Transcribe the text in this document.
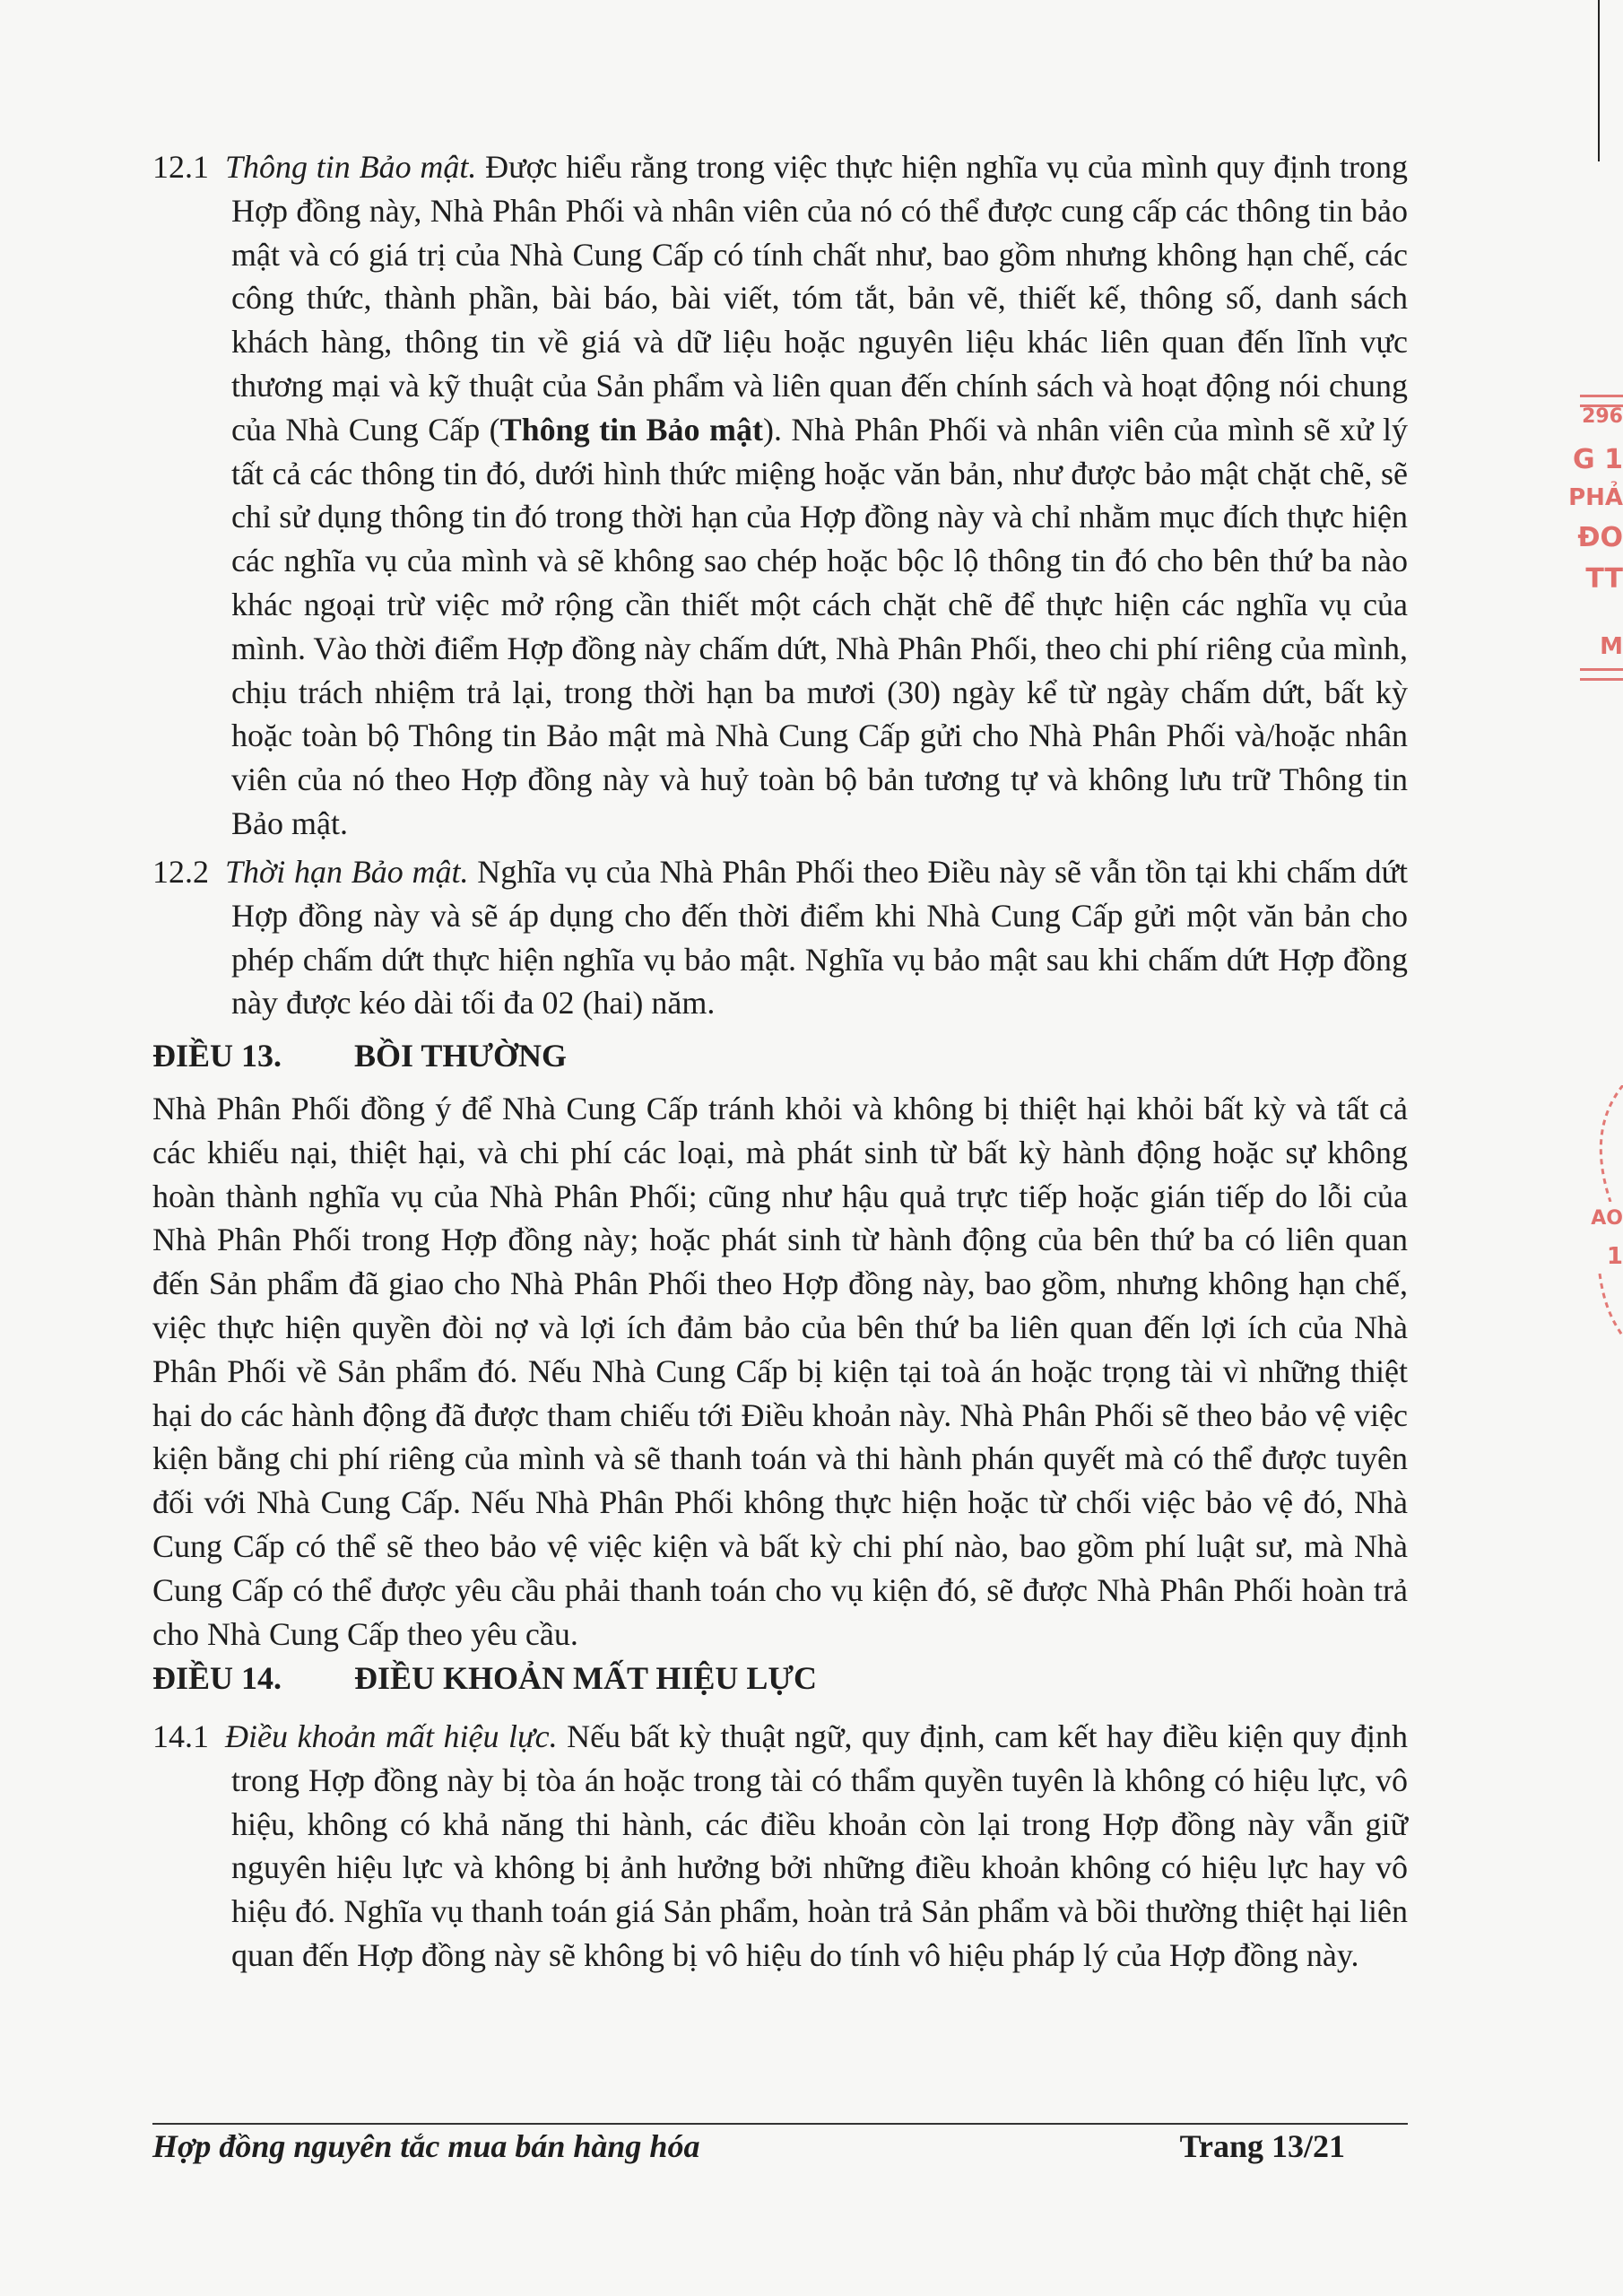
12.1 Thông tin Bảo mật. Được hiểu rằng trong việc thực hiện nghĩa vụ của mình quy định trong Hợp đồng này, Nhà Phân Phối và nhân viên của nó có thể được cung cấp các thông tin bảo mật và có giá trị của Nhà Cung Cấp có tính chất như, bao gồm nhưng không hạn chế, các công thức, thành phần, bài báo, bài viết, tóm tắt, bản vẽ, thiết kế, thông số, danh sách khách hàng, thông tin về giá và dữ liệu hoặc nguyên liệu khác liên quan đến lĩnh vực thương mại và kỹ thuật của Sản phẩm và liên quan đến chính sách và hoạt động nói chung của Nhà Cung Cấp (Thông tin Bảo mật). Nhà Phân Phối và nhân viên của mình sẽ xử lý tất cả các thông tin đó, dưới hình thức miệng hoặc văn bản, như được bảo mật chặt chẽ, sẽ chỉ sử dụng thông tin đó trong thời hạn của Hợp đồng này và chỉ nhằm mục đích thực hiện các nghĩa vụ của mình và sẽ không sao chép hoặc bộc lộ thông tin đó cho bên thứ ba nào khác ngoại trừ việc mở rộng cần thiết một cách chặt chẽ để thực hiện các nghĩa vụ của mình. Vào thời điểm Hợp đồng này chấm dứt, Nhà Phân Phối, theo chi phí riêng của mình, chịu trách nhiệm trả lại, trong thời hạn ba mươi (30) ngày kể từ ngày chấm dứt, bất kỳ hoặc toàn bộ Thông tin Bảo mật mà Nhà Cung Cấp gửi cho Nhà Phân Phối và/hoặc nhân viên của nó theo Hợp đồng này và huỷ toàn bộ bản tương tự và không lưu trữ Thông tin Bảo mật.

12.2 Thời hạn Bảo mật. Nghĩa vụ của Nhà Phân Phối theo Điều này sẽ vẫn tồn tại khi chấm dứt Hợp đồng này và sẽ áp dụng cho đến thời điểm khi Nhà Cung Cấp gửi một văn bản cho phép chấm dứt thực hiện nghĩa vụ bảo mật. Nghĩa vụ bảo mật sau khi chấm dứt Hợp đồng này được kéo dài tối đa 02 (hai) năm.

ĐIỀU 13. BỒI THƯỜNG

Nhà Phân Phối đồng ý để Nhà Cung Cấp tránh khỏi và không bị thiệt hại khỏi bất kỳ và tất cả các khiếu nại, thiệt hại, và chi phí các loại, mà phát sinh từ bất kỳ hành động hoặc sự không hoàn thành nghĩa vụ của Nhà Phân Phối; cũng như hậu quả trực tiếp hoặc gián tiếp do lỗi của Nhà Phân Phối trong Hợp đồng này; hoặc phát sinh từ hành động của bên thứ ba có liên quan đến Sản phẩm đã giao cho Nhà Phân Phối theo Hợp đồng này, bao gồm, nhưng không hạn chế, việc thực hiện quyền đòi nợ và lợi ích đảm bảo của bên thứ ba liên quan đến lợi ích của Nhà Phân Phối về Sản phẩm đó. Nếu Nhà Cung Cấp bị kiện tại toà án hoặc trọng tài vì những thiệt hại do các hành động đã được tham chiếu tới Điều khoản này. Nhà Phân Phối sẽ theo bảo vệ việc kiện bằng chi phí riêng của mình và sẽ thanh toán và thi hành phán quyết mà có thể được tuyên đối với Nhà Cung Cấp. Nếu Nhà Phân Phối không thực hiện hoặc từ chối việc bảo vệ đó, Nhà Cung Cấp có thể sẽ theo bảo vệ việc kiện và bất kỳ chi phí nào, bao gồm phí luật sư, mà Nhà Cung Cấp có thể được yêu cầu phải thanh toán cho vụ kiện đó, sẽ được Nhà Phân Phối hoàn trả cho Nhà Cung Cấp theo yêu cầu.

ĐIỀU 14. ĐIỀU KHOẢN MẤT HIỆU LỰC

14.1 Điều khoản mất hiệu lực. Nếu bất kỳ thuật ngữ, quy định, cam kết hay điều kiện quy định trong Hợp đồng này bị tòa án hoặc trong tài có thẩm quyền tuyên là không có hiệu lực, vô hiệu, không có khả năng thi hành, các điều khoản còn lại trong Hợp đồng này vẫn giữ nguyên hiệu lực và không bị ảnh hưởng bởi những điều khoản không có hiệu lực hay vô hiệu đó. Nghĩa vụ thanh toán giá Sản phẩm, hoàn trả Sản phẩm và bồi thường thiệt hại liên quan đến Hợp đồng này sẽ không bị vô hiệu do tính vô hiệu pháp lý của Hợp đồng này.

Hợp đồng nguyên tắc mua bán hàng hóa	Trang 13/21
296
G 1
PHẢ
ĐO
TT
M
AO
1
